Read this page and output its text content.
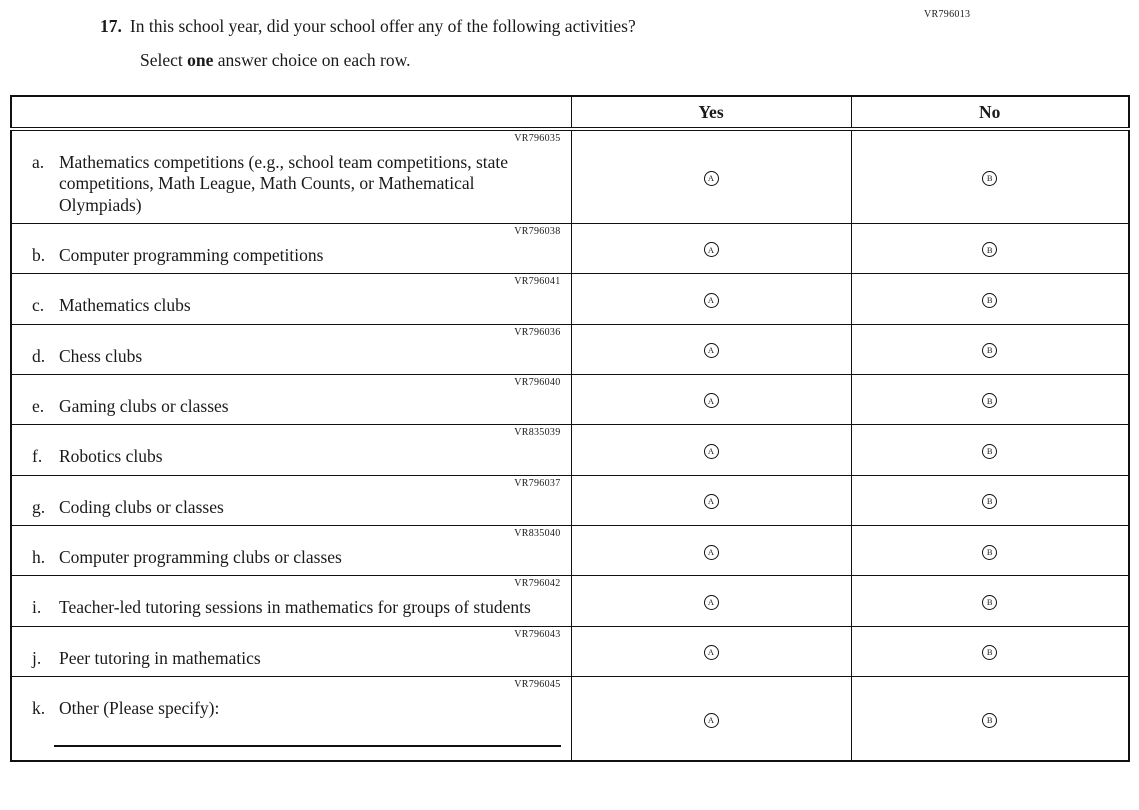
VR796013
17. In this school year, did your school offer any of the following activities?
Select one answer choice on each row.
	Yes	No

VR796035
a. Mathematics competitions (e.g., school team competitions, state competitions, Math League, Math Counts, or Mathematical Olympiads)	A	B

VR796038
b. Computer programming competitions	A	B

VR796041
c. Mathematics clubs	A	B

VR796036
d. Chess clubs	A	B

VR796040
e. Gaming clubs or classes	A	B

VR835039
f. Robotics clubs	A	B

VR796037
g. Coding clubs or classes	A	B

VR835040
h. Computer programming clubs or classes	A	B

VR796042
i. Teacher-led tutoring sessions in mathematics for groups of students	A	B

VR796043
j. Peer tutoring in mathematics	A	B

VR796045
k. Other (Please specify):	A	B
